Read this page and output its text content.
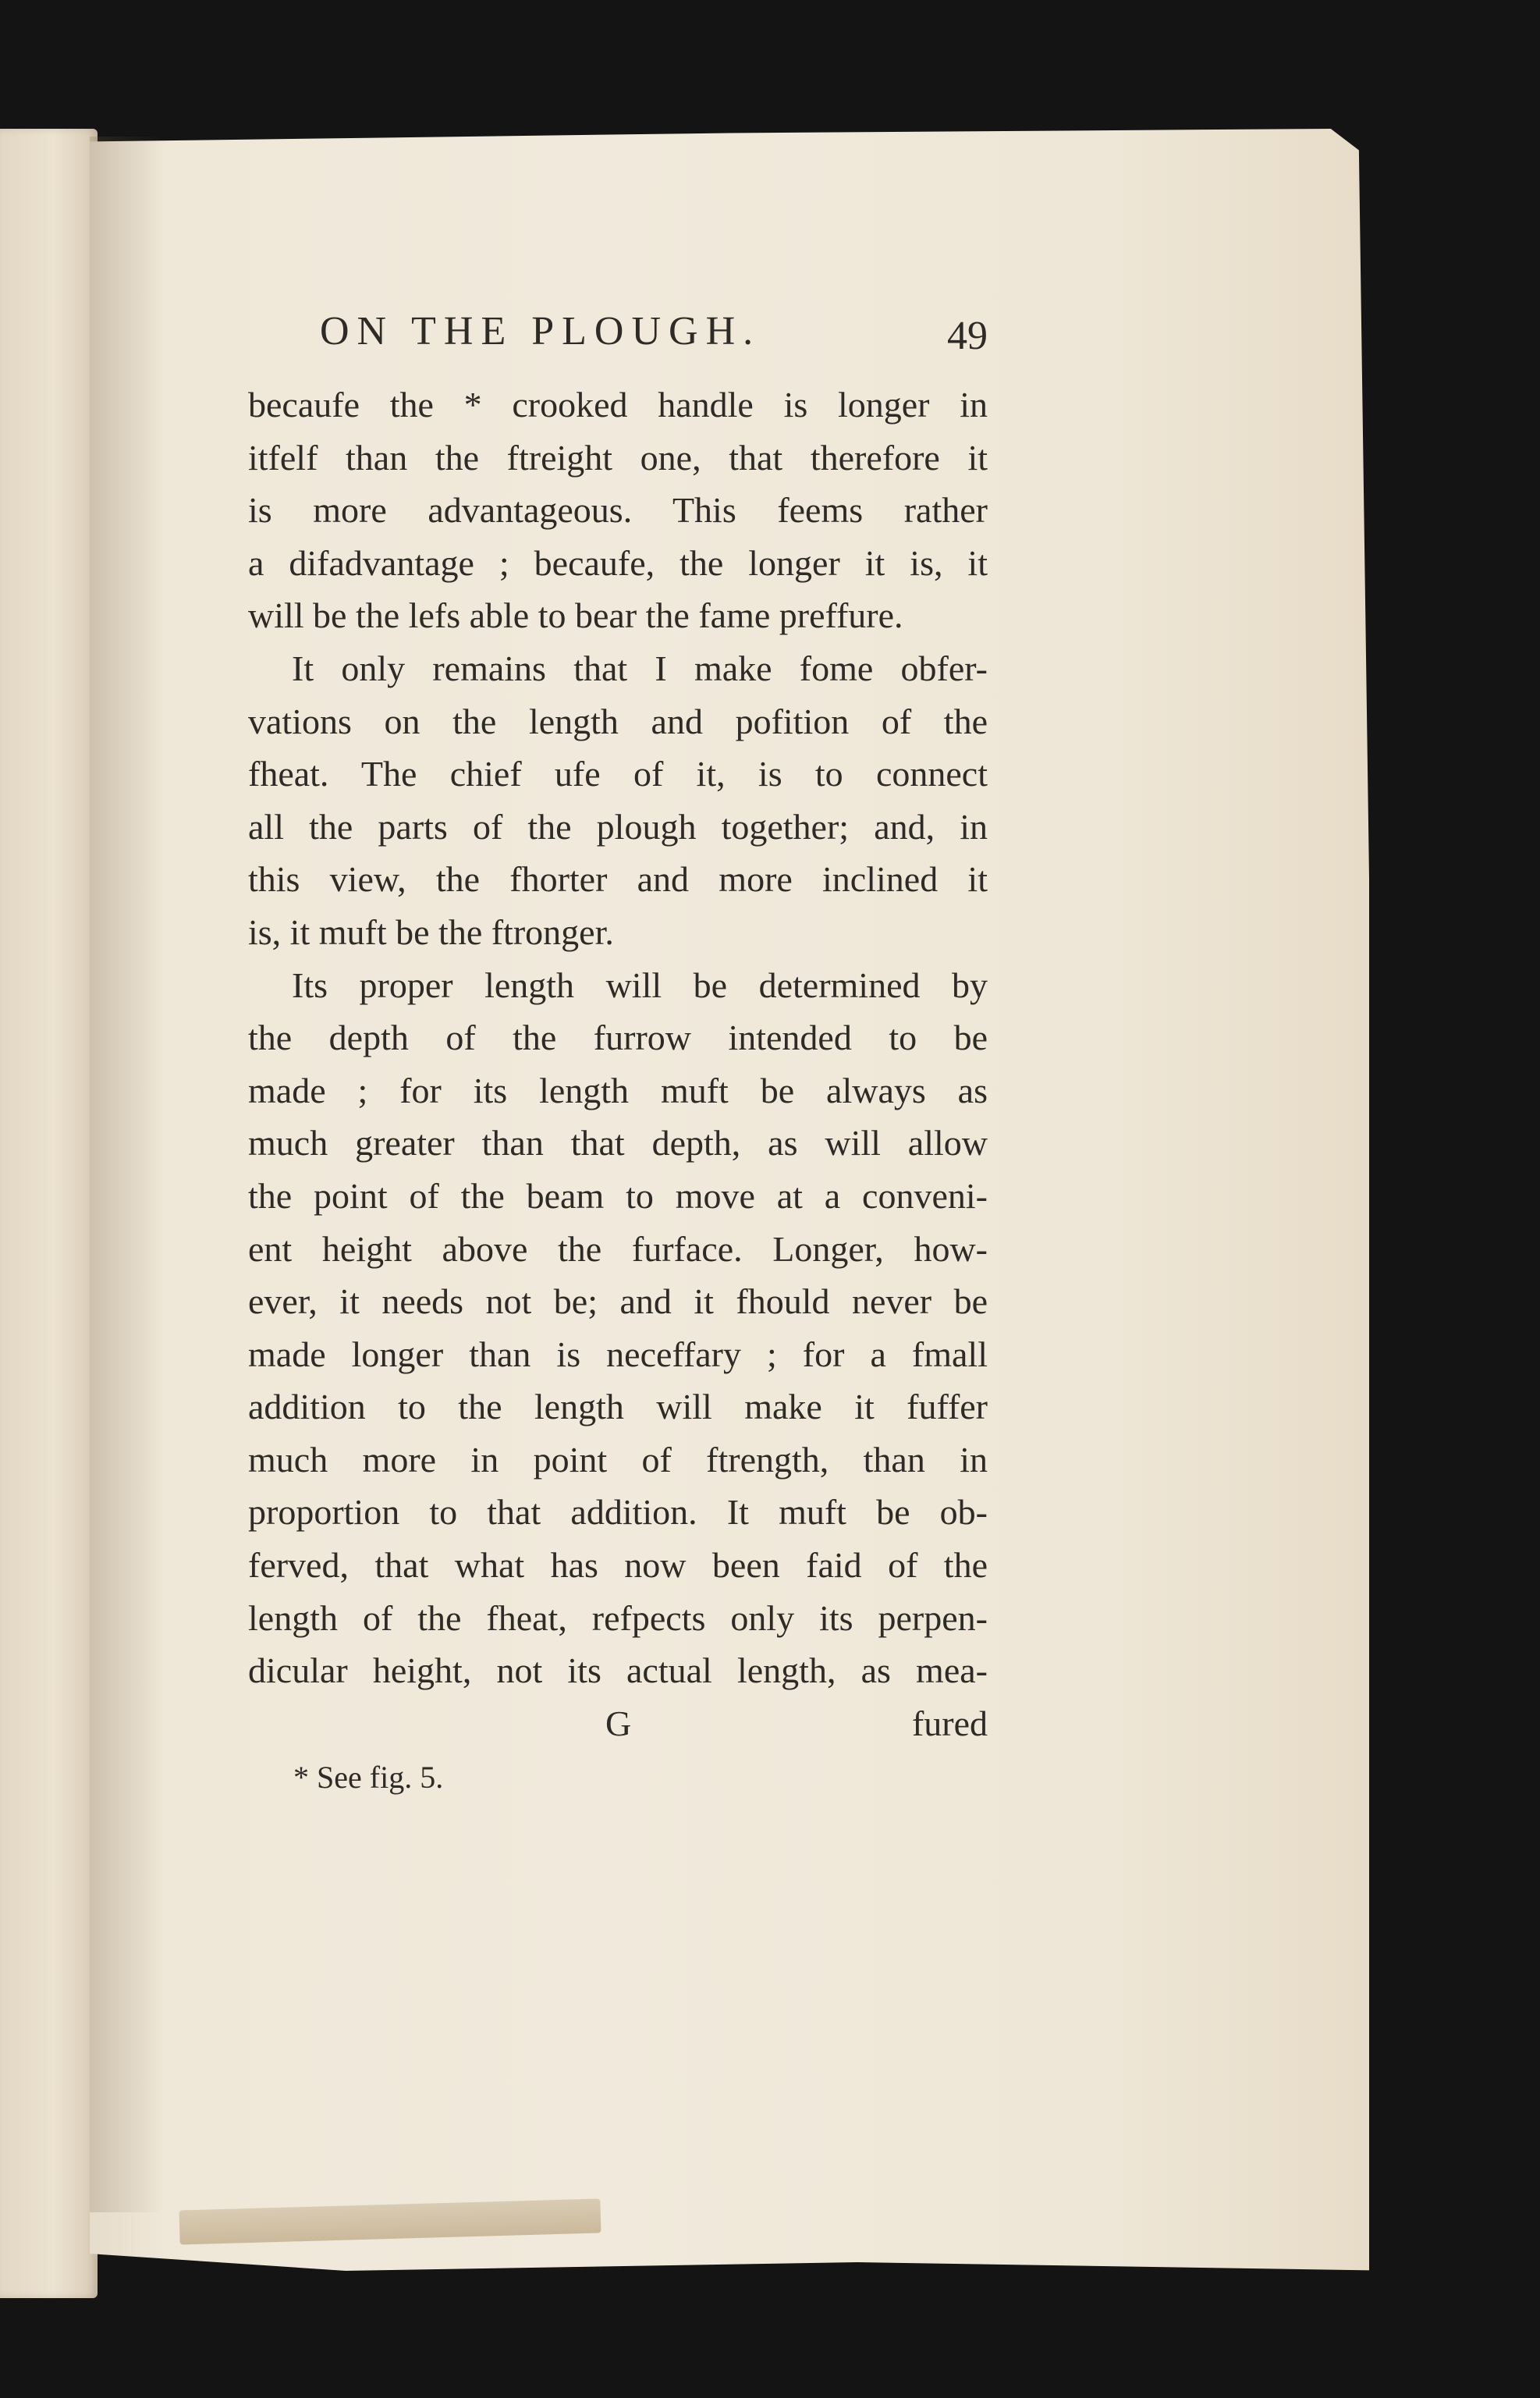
ON THE PLOUGH.	49
becaufe the * crooked handle is longer in
itfelf than the ftreight one, that therefore it
is more advantageous. This feems rather
a difadvantage ; becaufe, the longer it is, it
will be the lefs able to bear the fame preffure.
It only remains that I make fome obfer-
vations on the length and pofition of the
fheat. The chief ufe of it, is to connect
all the parts of the plough together; and, in
this view, the fhorter and more inclined it
is, it muft be the ftronger.
Its proper length will be determined by
the depth of the furrow intended to be
made ; for its length muft be always as
much greater than that depth, as will allow
the point of the beam to move at a conveni-
ent height above the furface. Longer, how-
ever, it needs not be; and it fhould never be
made longer than is neceffary ; for a fmall
addition to the length will make it fuffer
much more in point of ftrength, than in
proportion to that addition. It muft be ob-
ferved, that what has now been faid of the
length of the fheat, refpects only its perpen-
dicular height, not its actual length, as mea-
G	fured
* See fig. 5.
